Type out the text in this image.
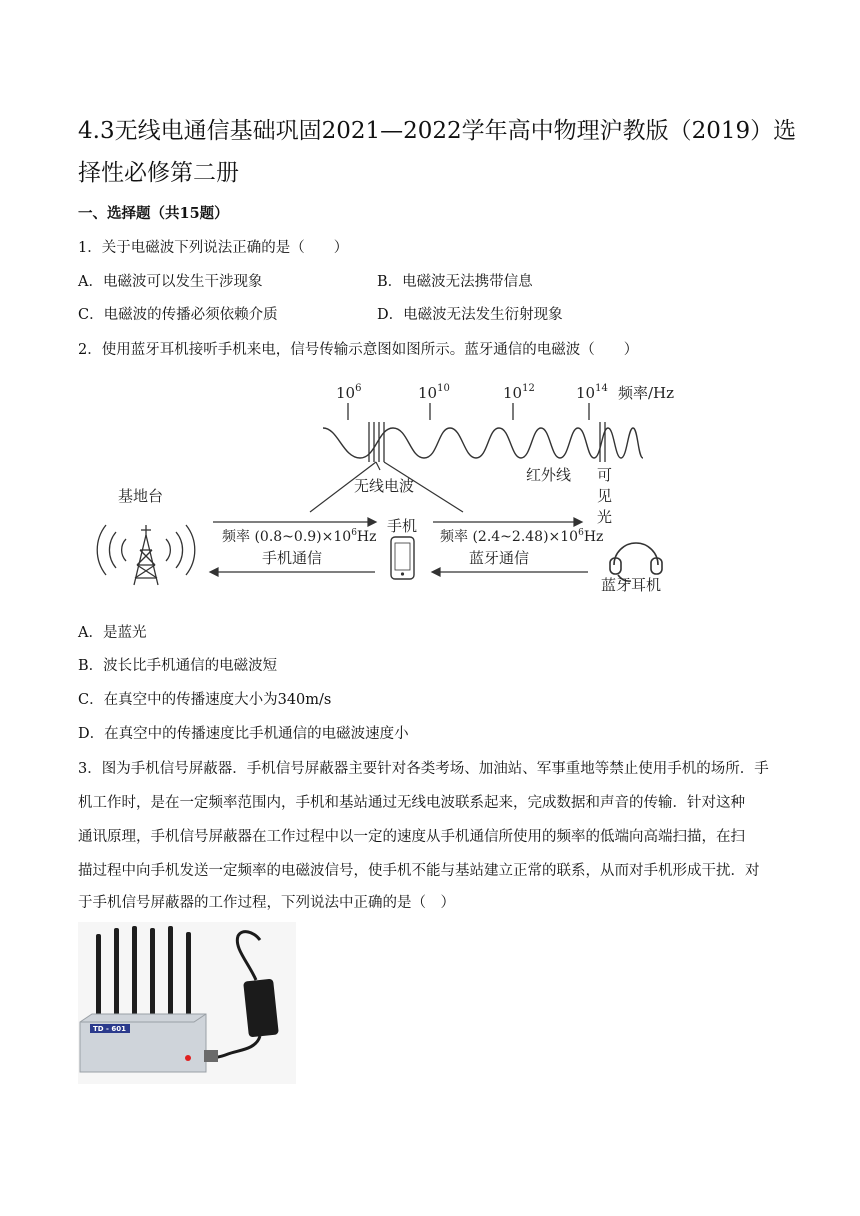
4.3无线电通信基础巩固2021—2022学年高中物理沪教版（2019）选择性必修第二册
一、选择题（共15题）
1．关于电磁波下列说法正确的是（　　）
A．电磁波可以发生干涉现象	B．电磁波无法携带信息
C．电磁波的传播必须依赖介质	D．电磁波无法发生衍射现象
2．使用蓝牙耳机接听手机来电，信号传输示意图如图所示。蓝牙通信的电磁波（　　）
$10^6$	$10^{10}$	$10^{12}$	$10^{14}$ 频率/Hz
无线电波
红外线 可
见
光
基地台
频率 $(0.8\sim 0.9)\times 10^6Hz$
手机通信
手机
频率 $(2.4\sim 2.48)\times 10^6Hz$
蓝牙通信
蓝牙耳机
A．是蓝光
B．波长比手机通信的电磁波短
C．在真空中的传播速度大小为340m/s
D．在真空中的传播速度比手机通信的电磁波速度小
3．图为手机信号屏蔽器．手机信号屏蔽器主要针对各类考场、加油站、军事重地等禁止使用手机的场所．手
机工作时，是在一定频率范围内，手机和基站通过无线电波联系起来，完成数据和声音的传输．针对这种
通讯原理，手机信号屏蔽器在工作过程中以一定的速度从手机通信所使用的频率的低端向高端扫描，在扫
描过程中向手机发送一定频率的电磁波信号，使手机不能与基站建立正常的联系，从而对手机形成干扰．对
于手机信号屏蔽器的工作过程，下列说法中正确的是（　）
TD - 601
